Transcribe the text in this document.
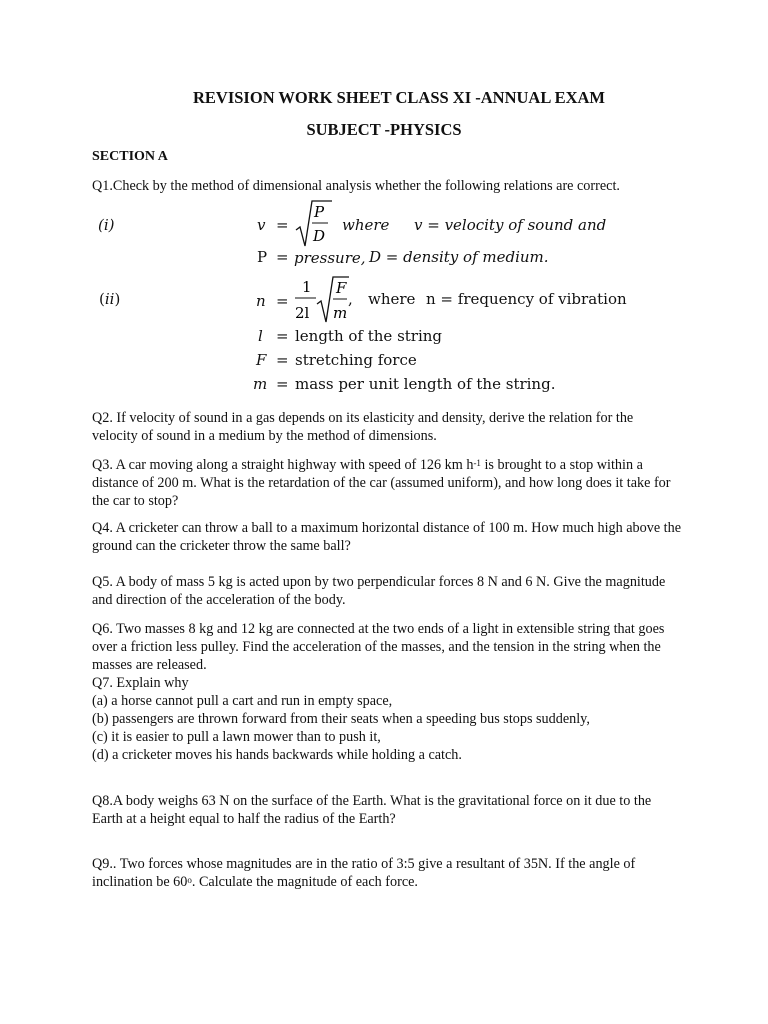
REVISION WORK SHEET CLASS XI -ANNUAL EXAM
SUBJECT -PHYSICS
SECTION A
Q1.Check by the method of dimensional analysis whether the following relations are correct.
(i)	v =
P
D
where v = velocity of sound and
P = pressure, D = density of medium.
(ii)	n =
1
2l
F
m
, where n = frequency of vibration
l = length of the string
F = stretching force
m = mass per unit length of the string.
Q2. If velocity of sound in a gas depends on its elasticity and density, derive the relation for the velocity of sound in a medium by the method of dimensions.
Q3. A car moving along a straight highway with speed of 126 km $h^{-1}$ is brought to a stop within a distance of 200 m. What is the retardation of the car (assumed uniform), and how long does it take for the car to stop?
Q4. A cricketer can throw a ball to a maximum horizontal distance of 100 m. How much high above the ground can the cricketer throw the same ball?
Q5. A body of mass 5 kg is acted upon by two perpendicular forces 8 N and 6 N. Give the magnitude and direction of the acceleration of the body.
Q6. Two masses 8 kg and 12 kg are connected at the two ends of a light in extensible string that goes over a friction less pulley. Find the acceleration of the masses, and the tension in the string when the masses are released.
Q7. Explain why
(a) a horse cannot pull a cart and run in empty space,
(b) passengers are thrown forward from their seats when a speeding bus stops suddenly,
(c) it is easier to pull a lawn mower than to push it,
(d) a cricketer moves his hands backwards while holding a catch.
Q8.A body weighs 63 N on the surface of the Earth. What is the gravitational force on it due to the Earth at a height equal to half the radius of the Earth?
Q9.. Two forces whose magnitudes are in the ratio of 3:5 give a resultant of 35N. If the angle of inclination be 60$^o$. Calculate the magnitude of each force.
